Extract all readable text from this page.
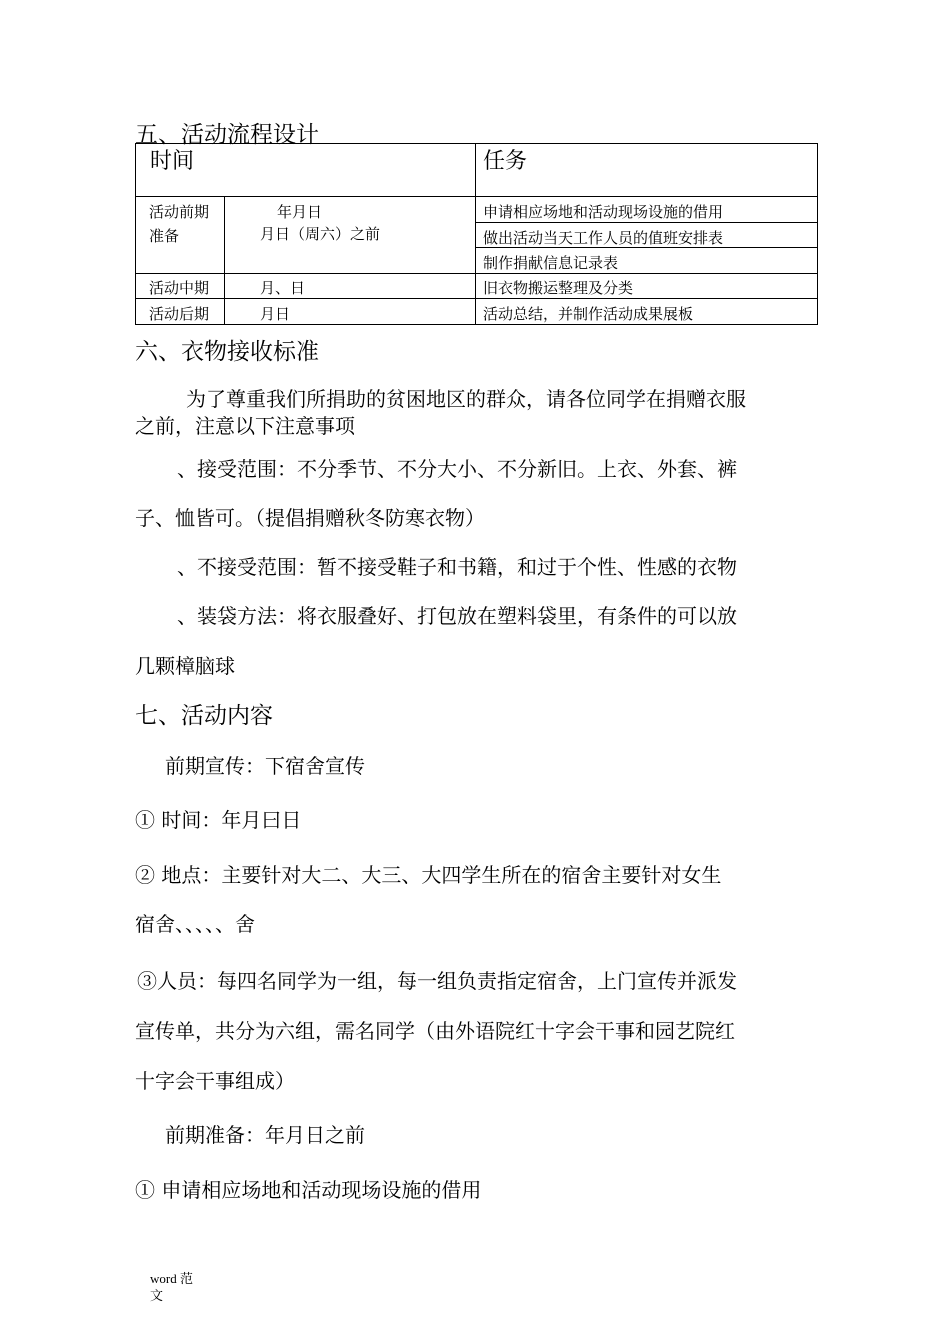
五、活动流程设计
时间		任务

活动前期
准备	年月日
月日（周六）之前	申请相应场地和活动现场设施的借用

		做出活动当天工作人员的值班安排表

		制作捐献信息记录表

活动中期	月、日	旧衣物搬运整理及分类

活动后期	月日	活动总结，并制作活动成果展板
六、衣物接收标准
为了尊重我们所捐助的贫困地区的群众，请各位同学在捐赠衣服
之前，注意以下注意事项
、接受范围：不分季节、不分大小、不分新旧。上衣、外套、裤
子、恤皆可。（提倡捐赠秋冬防寒衣物）
、不接受范围：暂不接受鞋子和书籍，和过于个性、性感的衣物
、装袋方法：将衣服叠好、打包放在塑料袋里，有条件的可以放
几颗樟脑球
七、活动内容
前期宣传：下宿舍宣传
① 时间：年月曰日
② 地点：主要针对大二、大三、大四学生所在的宿舍主要针对女生
宿舍、、、、、舍
③人员：每四名同学为一组，每一组负责指定宿舍，上门宣传并派发
宣传单，共分为六组，需名同学（由外语院红十字会干事和园艺院红
十字会干事组成）
前期准备：年月日之前
① 申请相应场地和活动现场设施的借用
word 范
文
